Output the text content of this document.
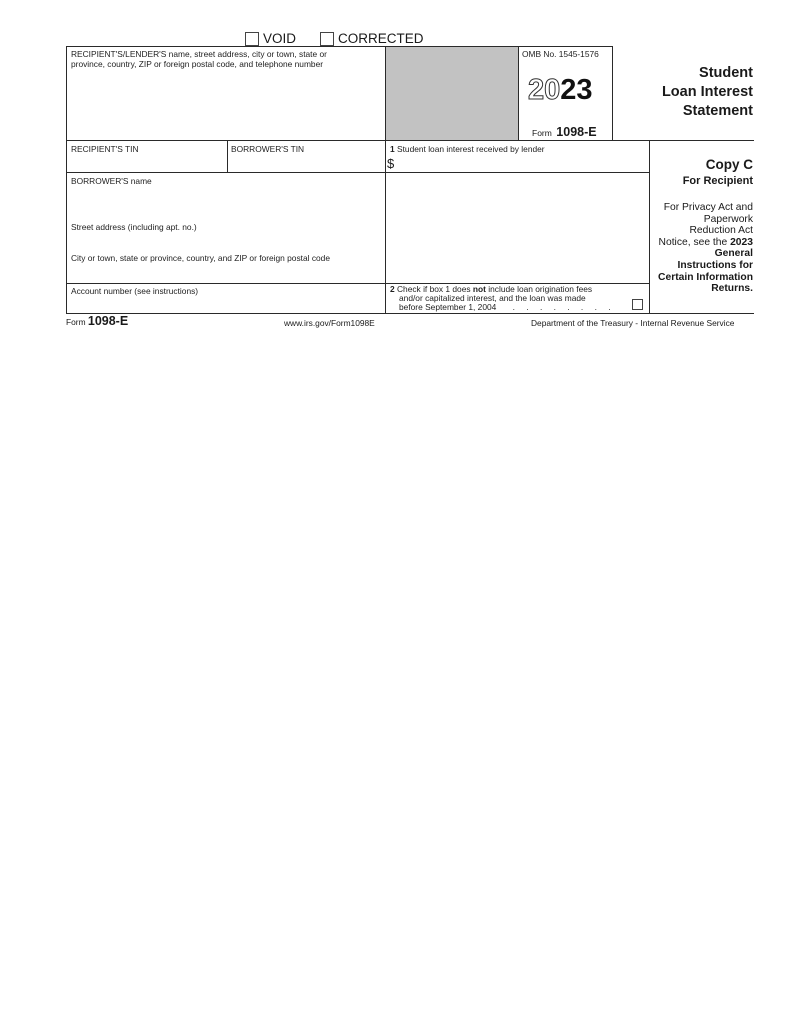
VOID	CORRECTED
RECIPIENT'S/LENDER'S name, street address, city or town, state or
province, country, ZIP or foreign postal code, and telephone number
OMB No. 1545-1576
2023
Form 1098-E
Student
Loan Interest
Statement
RECIPIENT'S TIN	BORROWER'S TIN	1 Student loan interest received by lender
$	Copy C
For Recipient
BORROWER'S name
Street address (including apt. no.)
City or town, state or province, country, and ZIP or foreign postal code
For Privacy Act and
Paperwork
Reduction Act
Notice, see the 2023
General
Instructions for
Certain Information
Returns.
Account number (see instructions)	2 Check if box 1 does not include loan origination fees
and/or capitalized interest, and the loan was made
before September 1, 2004 . . . . . . . .
Form 1098-E	www.irs.gov/Form1098E	Department of the Treasury - Internal Revenue Service
